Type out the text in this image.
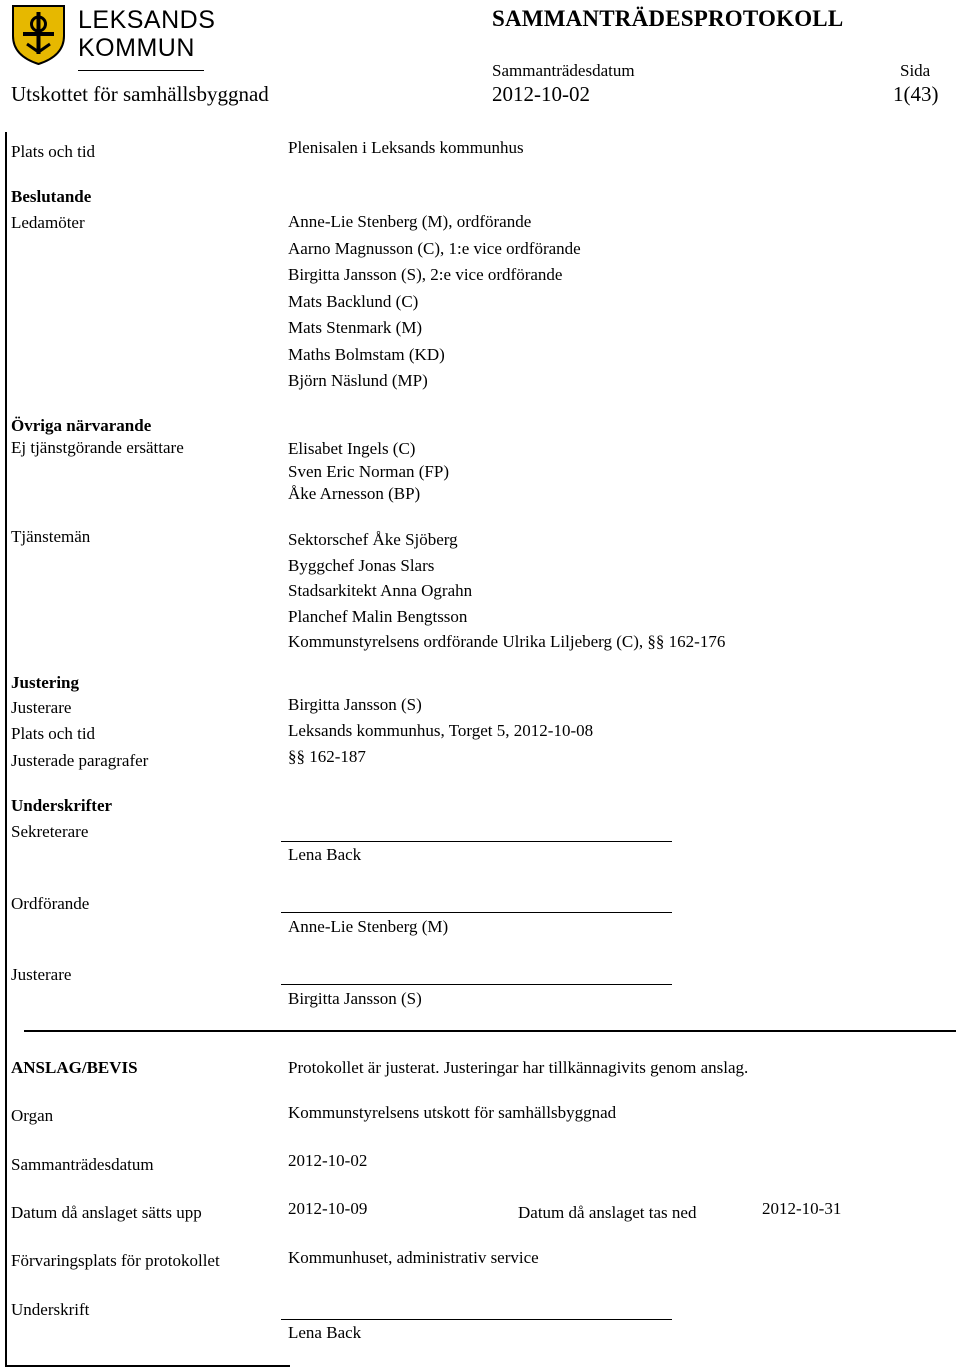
LEKSANDS
KOMMUN
SAMMANTRÄDESPROTOKOLL
Utskottet för samhällsbyggnad
Sammanträdesdatum
2012-10-02
Sida
1(43)
Plats och tid	Plenisalen i Leksands kommunhus
Beslutande
Ledamöter	Anne-Lie Stenberg (M), ordförande
Aarno Magnusson (C), 1:e vice ordförande
Birgitta Jansson (S), 2:e vice ordförande
Mats Backlund (C)
Mats Stenmark (M)
Maths Bolmstam (KD)
Björn Näslund (MP)
Övriga närvarande
Ej tjänstgörande ersättare	Elisabet Ingels (C)
Sven Eric Norman (FP)
Åke Arnesson (BP)
Tjänstemän	Sektorschef Åke Sjöberg
Byggchef Jonas Slars
Stadsarkitekt Anna Ograhn
Planchef Malin Bengtsson
Kommunstyrelsens ordförande Ulrika Liljeberg (C), §§ 162-176
Justering
Justerare	Birgitta Jansson (S)
Plats och tid	Leksands kommunhus, Torget 5, 2012-10-08
Justerade paragrafer	§§ 162-187
Underskrifter
Sekreterare
Lena Back
Ordförande
Anne-Lie Stenberg (M)
Justerare
Birgitta Jansson (S)
ANSLAG/BEVIS	Protokollet är justerat. Justeringar har tillkännagivits genom anslag.
Organ	Kommunstyrelsens utskott för samhällsbyggnad
Sammanträdesdatum	2012-10-02
Datum då anslaget sätts upp	2012-10-09	Datum då anslaget tas ned	2012-10-31
Förvaringsplats för protokollet	Kommunhuset, administrativ service
Underskrift
Lena Back
